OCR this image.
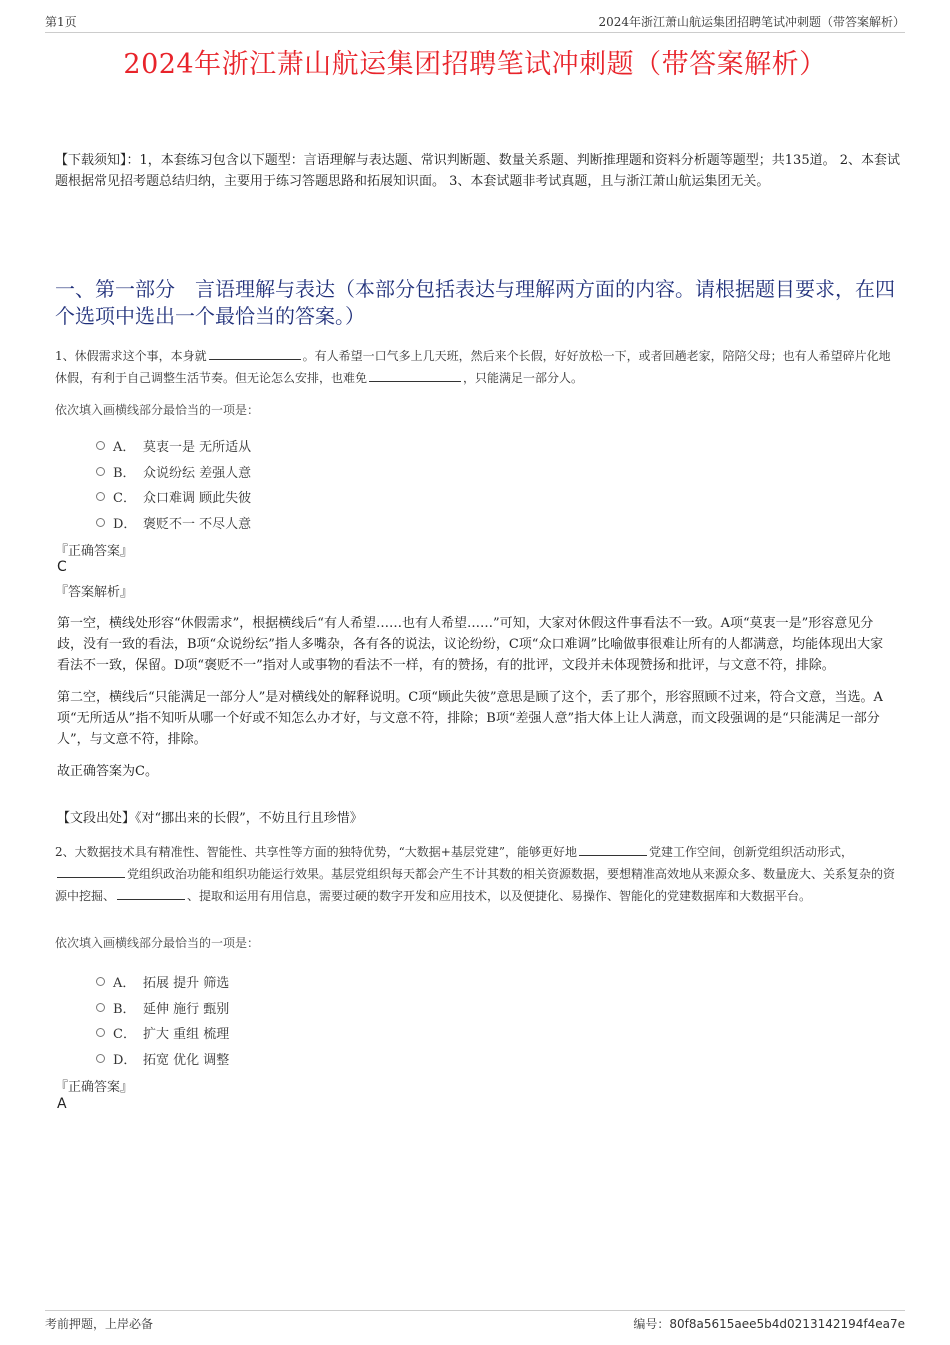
第1页	2024年浙江萧山航运集团招聘笔试冲刺题（带答案解析）
2024年浙江萧山航运集团招聘笔试冲刺题（带答案解析）
【下载须知】：1，本套练习包含以下题型：言语理解与表达题、常识判断题、数量关系题、判断推理题和资料分析题等题型；共135道。 2、本套试题根据常见招考题总结归纳，主要用于练习答题思路和拓展知识面。 3、本套试题非考试真题，且与浙江萧山航运集团无关。
一、第一部分　言语理解与表达（本部分包括表达与理解两方面的内容。请根据题目要求，在四个选项中选出一个最恰当的答案。）
1、休假需求这个事，本身就	。有人希望一口气多上几天班，然后来个长假，好好放松一下，或者回趟老家，陪陪父母；也有人希望碎片化地休假，有利于自己调整生活节奏。但无论怎么安排，也难免	，只能满足一部分人。
依次填入画横线部分最恰当的一项是：
A． 莫衷一是 无所适从
B． 众说纷纭 差强人意
C． 众口难调 顾此失彼
D． 褒贬不一 不尽人意
『正确答案』
C
『答案解析』

第一空，横线处形容“休假需求”，根据横线后“有人希望……也有人希望……”可知，大家对休假这件事看法不一致。A项“莫衷一是”形容意见分歧，没有一致的看法，B项“众说纷纭”指人多嘴杂，各有各的说法，议论纷纷，C项“众口难调”比喻做事很难让所有的人都满意，均能体现出大家看法不一致，保留。D项“褒贬不一”指对人或事物的看法不一样，有的赞扬，有的批评，文段并未体现赞扬和批评，与文意不符，排除。

第二空，横线后“只能满足一部分人”是对横线处的解释说明。C项“顾此失彼”意思是顾了这个，丢了那个，形容照顾不过来，符合文意，当选。A项“无所适从”指不知听从哪一个好或不知怎么办才好，与文意不符，排除；B项“差强人意”指大体上让人满意，而文段强调的是“只能满足一部分人”，与文意不符，排除。

故正确答案为C。

【文段出处】《对“挪出来的长假”，不妨且行且珍惜》
2、大数据技术具有精准性、智能性、共享性等方面的独特优势，“大数据+基层党建”，能够更好地	党建工作空间，创新党组织活动形式，党组织政治功能和组织功能运行效果。基层党组织每天都会产生不计其数的相关资源数据，要想精准高效地从来源众多、数量庞大、关系复杂的资源中挖掘、	、提取和运用有用信息，需要过硬的数字开发和应用技术，以及便捷化、易操作、智能化的党建数据库和大数据平台。
依次填入画横线部分最恰当的一项是：
A． 拓展 提升 筛选
B． 延伸 施行 甄别
C． 扩大 重组 梳理
D． 拓宽 优化 调整
『正确答案』
A
考前押题，上岸必备	编号：80f8a5615aee5b4d0213142194f4ea7e
